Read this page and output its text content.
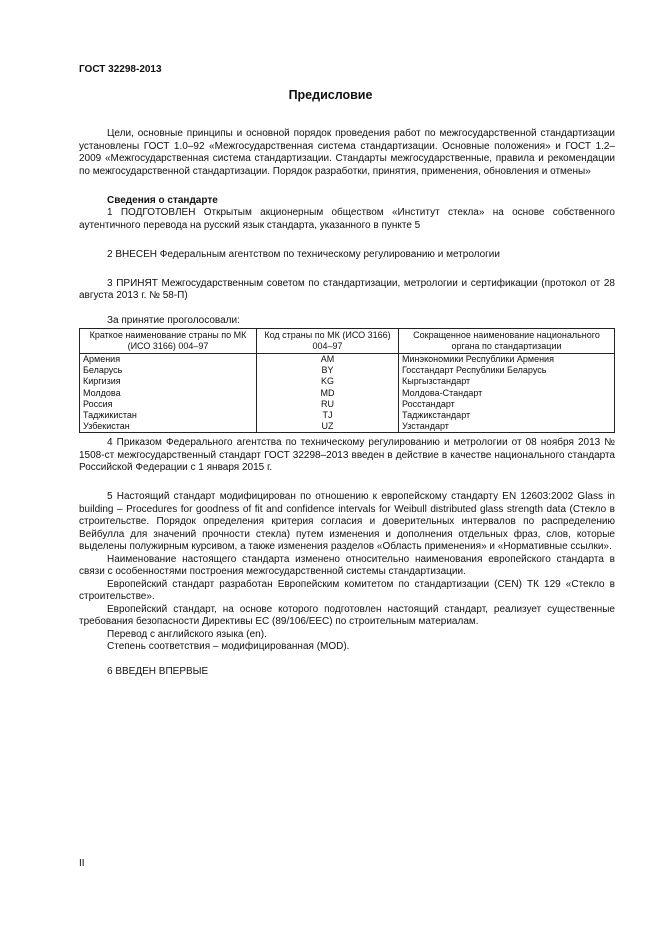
ГОСТ 32298-2013
Предисловие

Цели, основные принципы и основной порядок проведения работ по межгосударственной стандартизации установлены ГОСТ 1.0–92 «Межгосударственная система стандартизации. Основные положения» и ГОСТ 1.2–2009 «Межгосударственная система стандартизации. Стандарты межгосударственные, правила и рекомендации по межгосударственной стандартизации. Порядок разработки, принятия, применения, обновления и отмены»

Сведения о стандарте

1 ПОДГОТОВЛЕН Открытым акционерным обществом «Институт стекла» на основе собственного аутентичного перевода на русский язык стандарта, указанного в пункте 5

2 ВНЕСЕН Федеральным агентством по техническому регулированию и метрологии

3 ПРИНЯТ Межгосударственным советом по стандартизации, метрологии и сертификации (протокол от 28 августа 2013 г. № 58-П)

За принятие проголосовали:

Краткое наименование страны по МК (ИСО 3166) 004–97	Код страны по МК (ИСО 3166) 004–97	Сокращенное наименование национального органа по стандартизации
Армения	AM	Минэкономики Республики Армения
Беларусь	BY	Госстандарт Республики Беларусь
Киргизия	KG	Кыргызстандарт
Молдова	MD	Молдова-Стандарт
Россия	RU	Росстандарт
Таджикистан	TJ	Таджикстандарт
Узбекистан	UZ	Узстандарт

4 Приказом Федерального агентства по техническому регулированию и метрологии от 08 ноября 2013 № 1508-ст межгосударственный стандарт ГОСТ 32298–2013 введен в действие в качестве национального стандарта Российской Федерации с 1 января 2015 г.

5 Настоящий стандарт модифицирован по отношению к европейскому стандарту EN 12603:2002 Glass in building – Procedures for goodness of fit and confidence intervals for Weibull distributed glass strength data (Стекло в строительстве. Порядок определения критерия согласия и доверительных интервалов по распределению Вейбулла для значений прочности стекла) путем изменения и дополнения отдельных фраз, слов, которые выделены полужирным курсивом, а также изменения разделов «Область применения» и «Нормативные ссылки».

Наименование настоящего стандарта изменено относительно наименования европейского стандарта в связи с особенностями построения межгосударственной системы стандартизации.

Европейский стандарт разработан Европейским комитетом по стандартизации (CEN) ТК 129 «Стекло в строительстве».

Европейский стандарт, на основе которого подготовлен настоящий стандарт, реализует существенные требования безопасности Директивы ЕС (89/106/EEC) по строительным материалам.

Перевод с английского языка (en).

Степень соответствия – модифицированная (MOD).

6 ВВЕДЕН ВПЕРВЫЕ

II
